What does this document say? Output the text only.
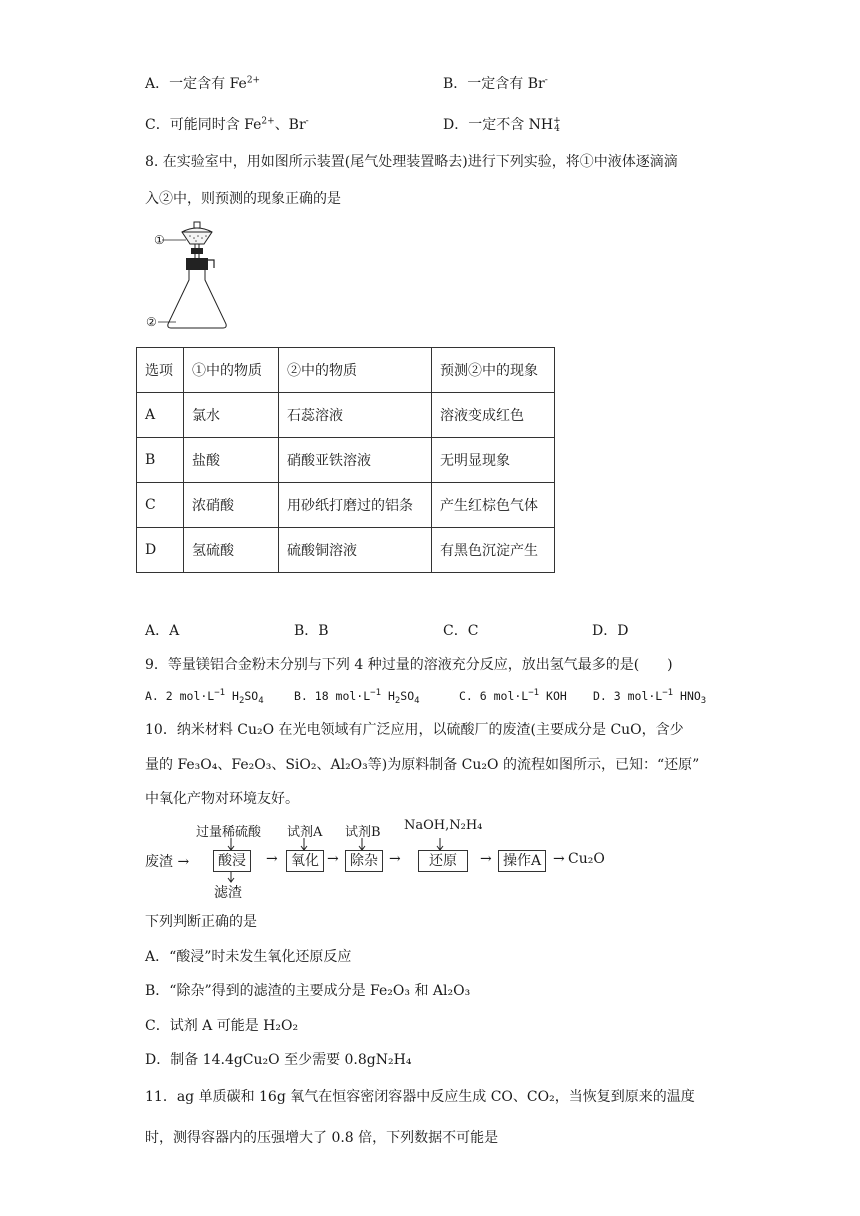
A．一定含有 $Fe^{2+}$	B．一定含有 Br-
C．可能同时含 $Fe^{2+}$、Br-	D．一定不含 NH+
4
8. 在实验室中，用如图所示装置(尾气处理装置略去)进行下列实验，将①中液体逐滴滴
入②中，则预测的现象正确的是
①
②
选项	①中的物质	②中的物质	预测②中的现象
A	氯水	石蕊溶液	溶液变成红色
B	盐酸	硝酸亚铁溶液	无明显现象
C	浓硝酸	用砂纸打磨过的铝条	产生红棕色气体
D	氢硫酸	硫酸铜溶液	有黑色沉淀产生
A．A	B．B	C．C	D．D
9．等量镁铝合金粉末分别与下列 4 种过量的溶液充分反应，放出氢气最多的是(　　)
A. 2 $mol\cdot L^{-1}$ $H_2SO_4$	B. 18 $mol\cdot L^{-1}$ $H_2SO_4$	C. 6 $mol\cdot L^{-1}$ KOH D. 3 $mol\cdot L^{-1}$ $HNO_3$
10．纳米材料 Cu₂O 在光电领域有广泛应用，以硫酸厂的废渣(主要成分是 CuO，含少
量的 Fe₃O₄、Fe₂O₃、SiO₂、Al₂O₃等)为原料制备 Cu₂O 的流程如图所示，已知：“还原”
中氧化产物对环境友好。
过量稀硫酸 试剂A 试剂B NaOH,N₂H₄
废渣 →	酸浸	→ 氧化 → 除杂 →	还原	→ 操作A → Cu₂O
滤渣
下列判断正确的是
A．“酸浸”时未发生氧化还原反应
B．“除杂”得到的滤渣的主要成分是 Fe₂O₃ 和 Al₂O₃
C．试剂 A 可能是 H₂O₂
D．制备 14.4gCu₂O 至少需要 0.8gN₂H₄
11．ag 单质碳和 16g 氧气在恒容密闭容器中反应生成 CO、CO₂，当恢复到原来的温度
时，测得容器内的压强增大了 0.8 倍，下列数据不可能是
